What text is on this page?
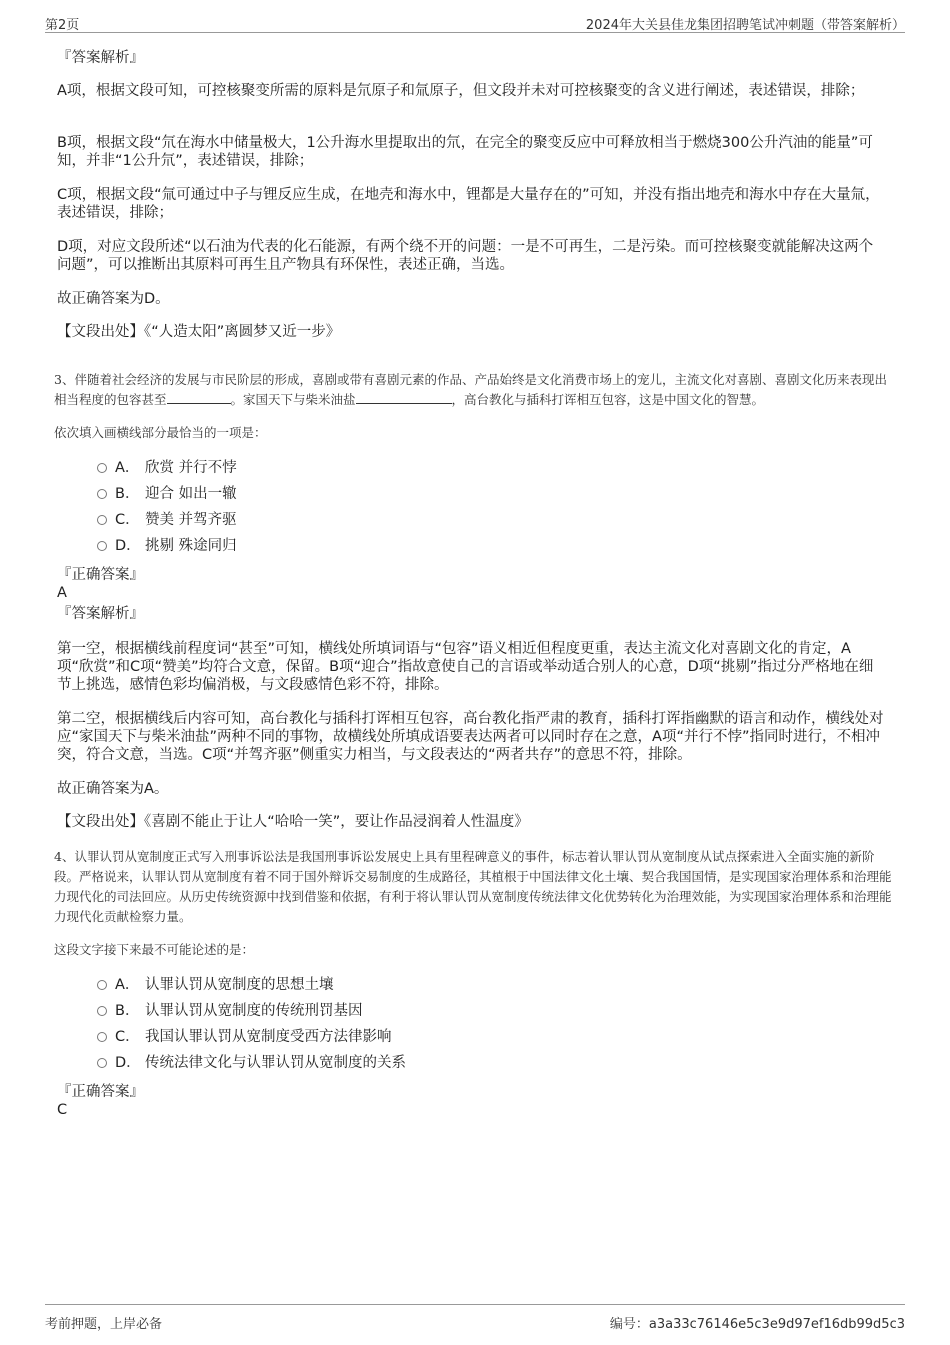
第2页	2024年大关县佳龙集团招聘笔试冲刺题（带答案解析）
『答案解析』
A项，根据文段可知，可控核聚变所需的原料是氘原子和氚原子，但文段并未对可控核聚变的含义进行阐述，表述错误，排除；
B项，根据文段“氘在海水中储量极大，1公升海水里提取出的氘，在完全的聚变反应中可释放相当于燃烧300公升汽油的能量”可知，并非“1公升氘”，表述错误，排除；
C项，根据文段“氚可通过中子与锂反应生成，在地壳和海水中，锂都是大量存在的”可知，并没有指出地壳和海水中存在大量氚，表述错误，排除；
D项，对应文段所述“以石油为代表的化石能源，有两个绕不开的问题：一是不可再生，二是污染。而可控核聚变就能解决这两个问题”，可以推断出其原料可再生且产物具有环保性，表述正确，当选。
故正确答案为D。
【文段出处】《“人造太阳”离圆梦又近一步》
3、伴随着社会经济的发展与市民阶层的形成，喜剧或带有喜剧元素的作品、产品始终是文化消费市场上的宠儿，主流文化对喜剧、喜剧文化历来表现出相当程度的包容甚至	。家国天下与柴米油盐	，高台教化与插科打诨相互包容，这是中国文化的智慧。
依次填入画横线部分最恰当的一项是：
A． 欣赏 并行不悖
B． 迎合 如出一辙
C． 赞美 并驾齐驱
D． 挑剔 殊途同归
『正确答案』
A
『答案解析』
第一空，根据横线前程度词“甚至”可知，横线处所填词语与“包容”语义相近但程度更重，表达主流文化对喜剧文化的肯定，A项“欣赏”和C项“赞美”均符合文意，保留。B项“迎合”指故意使自己的言语或举动适合别人的心意，D项“挑剔”指过分严格地在细节上挑选，感情色彩均偏消极，与文段感情色彩不符，排除。
第二空，根据横线后内容可知，高台教化与插科打诨相互包容，高台教化指严肃的教育，插科打诨指幽默的语言和动作，横线处对应“家国天下与柴米油盐”两种不同的事物，故横线处所填成语要表达两者可以同时存在之意，A项“并行不悖”指同时进行，不相冲突，符合文意，当选。C项“并驾齐驱”侧重实力相当，与文段表达的“两者共存”的意思不符，排除。
故正确答案为A。
【文段出处】《喜剧不能止于让人“哈哈一笑”，要让作品浸润着人性温度》
4、认罪认罚从宽制度正式写入刑事诉讼法是我国刑事诉讼发展史上具有里程碑意义的事件，标志着认罪认罚从宽制度从试点探索进入全面实施的新阶段。严格说来，认罪认罚从宽制度有着不同于国外辩诉交易制度的生成路径，其植根于中国法律文化土壤、契合我国国情，是实现国家治理体系和治理能力现代化的司法回应。从历史传统资源中找到借鉴和依据，有利于将认罪认罚从宽制度传统法律文化优势转化为治理效能，为实现国家治理体系和治理能力现代化贡献检察力量。
这段文字接下来最不可能论述的是：
A． 认罪认罚从宽制度的思想土壤
B． 认罪认罚从宽制度的传统刑罚基因
C． 我国认罪认罚从宽制度受西方法律影响
D． 传统法律文化与认罪认罚从宽制度的关系
『正确答案』
C
考前押题，上岸必备	编号：a3a33c76146e5c3e9d97ef16db99d5c3
